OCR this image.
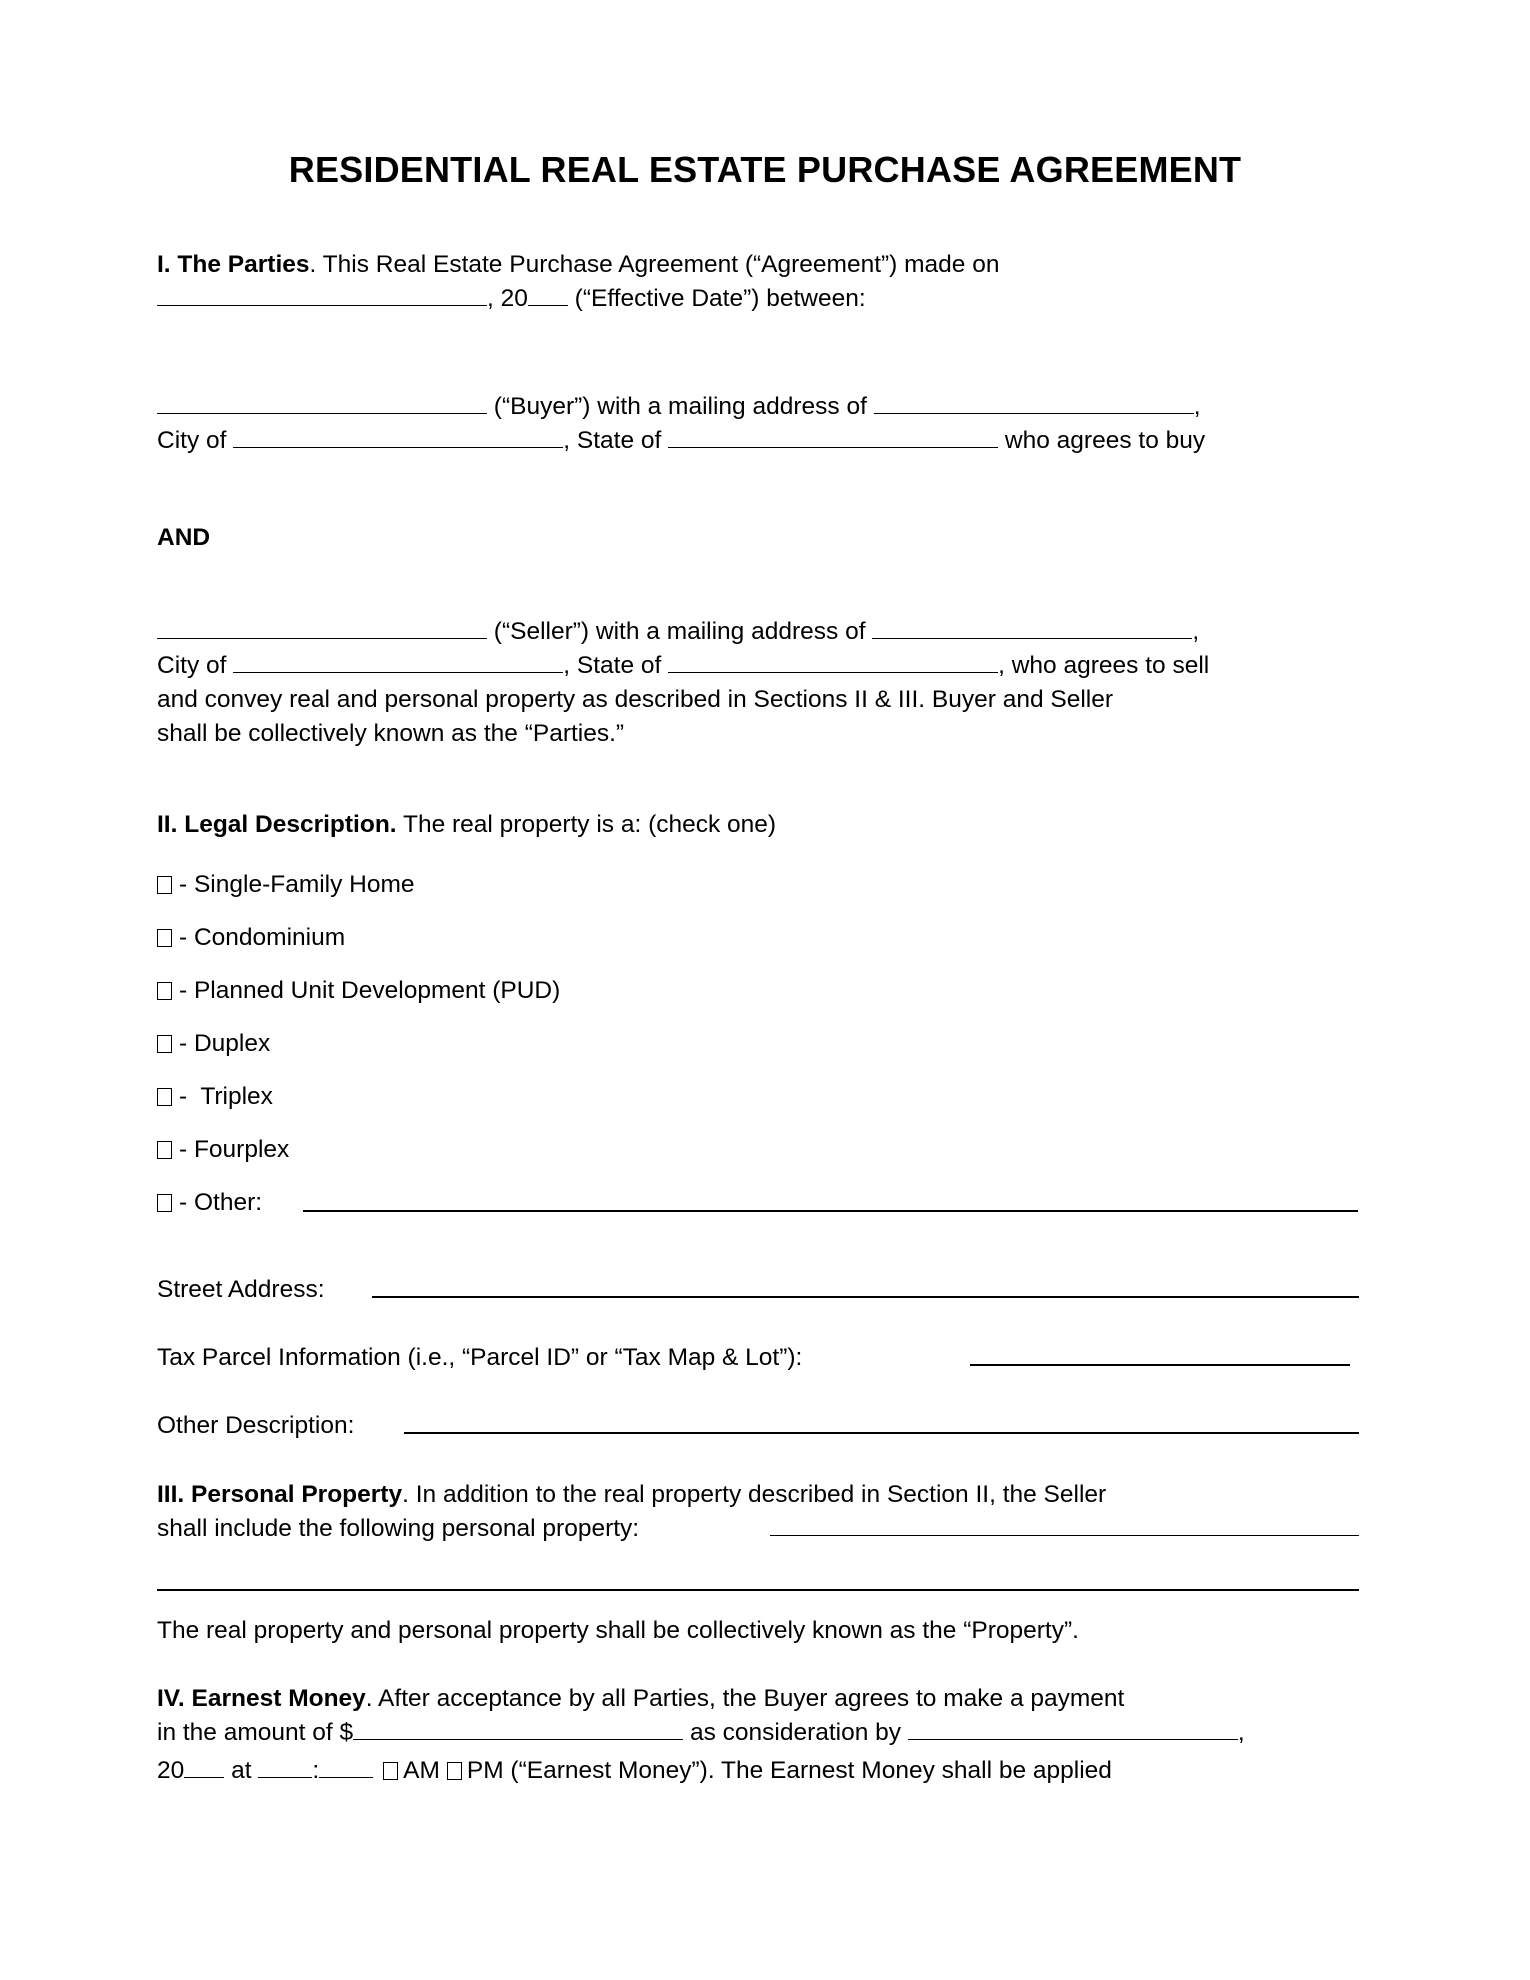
RESIDENTIAL REAL ESTATE PURCHASE AGREEMENT
I. The Parties. This Real Estate Purchase Agreement (“Agreement”) made on
, 20 (“Effective Date”) between:
(“Buyer”) with a mailing address of	,
City of	, State of	who agrees to buy
AND
(“Seller”) with a mailing address of	,
City of	, State of	, who agrees to sell
and convey real and personal property as described in Sections II & III. Buyer and Seller
shall be collectively known as the “Parties.”
II. Legal Description. The real property is a: (check one)
- Single-Family Home
- Condominium
- Planned Unit Development (PUD)
- Duplex
-  Triplex
- Fourplex
- Other:
Street Address:
Tax Parcel Information (i.e., “Parcel ID” or “Tax Map & Lot”):
Other Description:
III. Personal Property. In addition to the real property described in Section II, the Seller
shall include the following personal property:
The real property and personal property shall be collectively known as the “Property”.
IV. Earnest Money. After acceptance by all Parties, the Buyer agrees to make a payment
in the amount of $	as consideration by	,
20 at :	AM PM (“Earnest Money”). The Earnest Money shall be applied
